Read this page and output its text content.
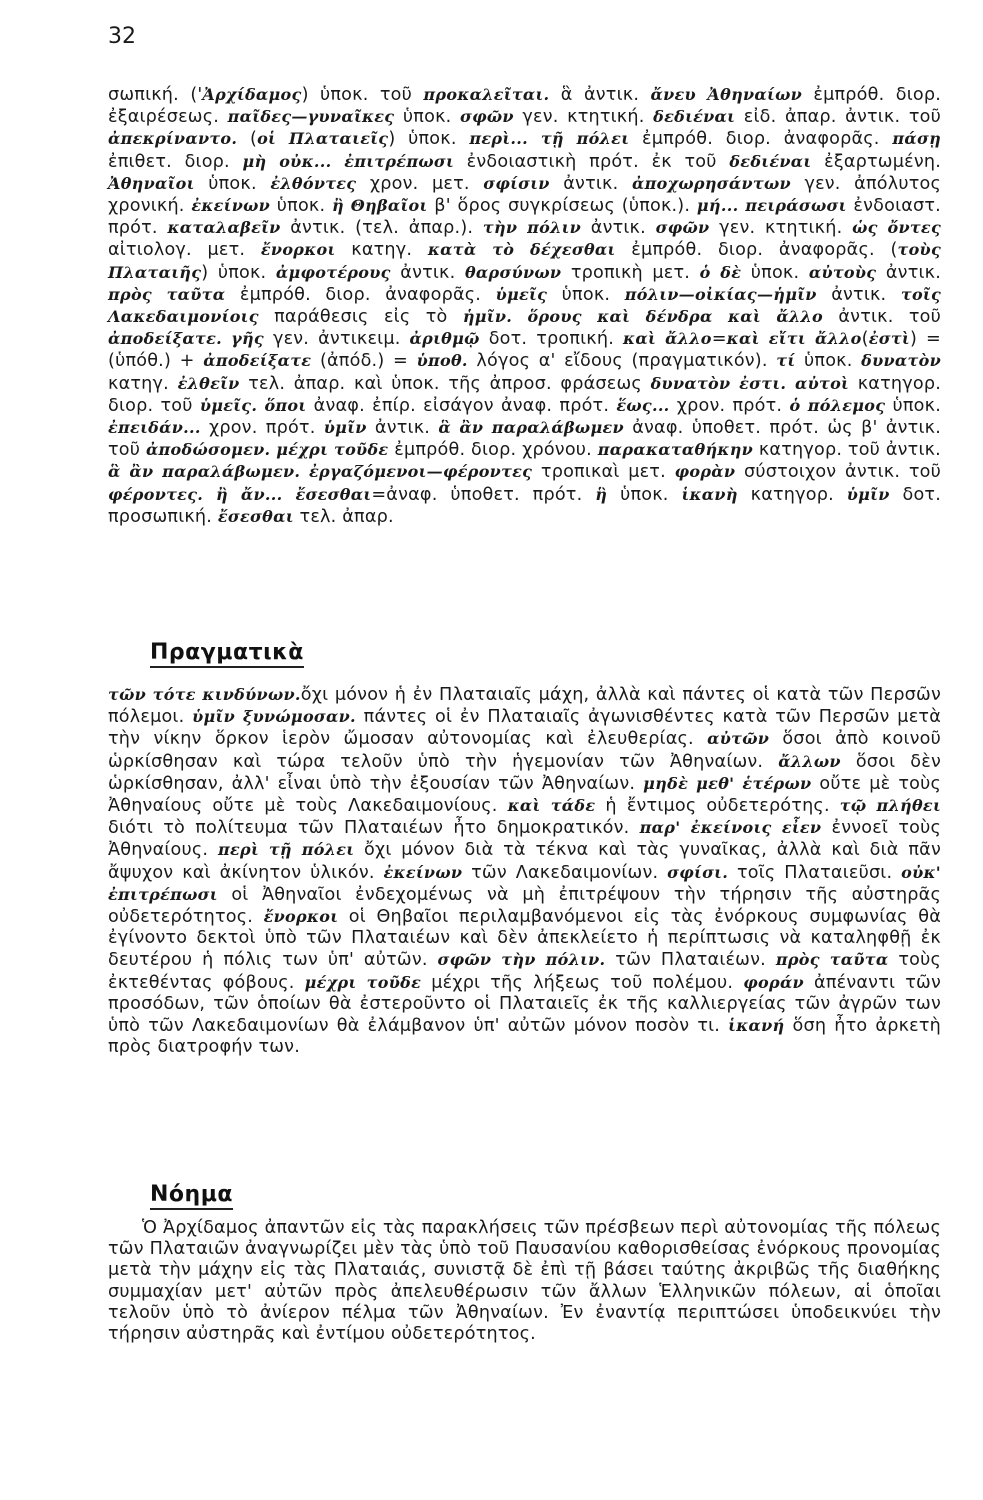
32

σωπική. ('Ἀρχίδαμος) ὑποκ. τοῦ προκαλεῖται. ἃ ἀντικ. ἄνευ Ἀθηναίων ἐμπρόθ. διορ. ἐξαιρέσεως. παῖδες—γυναῖκες ὑποκ. σφῶν γεν. κτητική. δεδιέναι εἰδ. ἀπαρ. ἀντικ. τοῦ ἀπεκρίναντο. (οἱ Πλαταιεῖς) ὑποκ. περὶ... τῇ πόλει ἐμπρόθ. διορ. ἀναφορᾶς. πάσῃ ἐπιθετ. διορ. μὴ οὐκ... ἐπιτρέπωσι ἐνδοιαστικὴ πρότ. ἐκ τοῦ δεδιέναι ἐξαρτωμένη. Ἀθηναῖοι ὑποκ. ἐλθόντες χρον. μετ. σφίσιν ἀντικ. ἀποχωρησάντων γεν. ἀπόλυτος χρονική. ἐκείνων ὑποκ. ἢ Θηβαῖοι β' ὅρος συγκρίσεως (ὑποκ.). μή... πειράσωσι ἐνδοιαστ. πρότ. καταλαβεῖν ἀντικ. (τελ. ἀπαρ.). τὴν πόλιν ἀντικ. σφῶν γεν. κτητική. ὡς ὄντες αἰτιολογ. μετ. ἔνορκοι κατηγ. κατὰ τὸ δέχεσθαι ἐμπρόθ. διορ. ἀναφορᾶς. (τοὺς Πλαταιῆς) ὑποκ. ἀμφοτέρους ἀντικ. θαρσύνων τροπικὴ μετ. ὁ δὲ ὑποκ. αὐτοὺς ἀντικ. πρὸς ταῦτα ἐμπρόθ. διορ. ἀναφορᾶς. ὑμεῖς ὑποκ. πόλιν—οἰκίας—ἡμῖν ἀντικ. τοῖς Λακεδαιμονίοις παράθεσις εἰς τὸ ἡμῖν. ὅρους καὶ δένδρα καὶ ἄλλο ἀντικ. τοῦ ἀποδείξατε. γῆς γεν. ἀντικειμ. ἀριθμῷ δοτ. τροπική. καὶ ἄλλο=καὶ εἴτι ἄλλο(ἐστὶ) = (ὑπόθ.) + ἀποδείξατε (ἀπόδ.) = ὑποθ. λόγος α' εἴδους (πραγματικόν). τί ὑποκ. δυνατὸν κατηγ. ἐλθεῖν τελ. ἀπαρ. καὶ ὑποκ. τῆς ἀπροσ. φράσεως δυνατὸν ἐστι. αὐτοὶ κατηγορ. διορ. τοῦ ὑμεῖς. ὅποι ἀναφ. ἐπίρ. εἰσάγον ἀναφ. πρότ. ἕως... χρον. πρότ. ὁ πόλεμος ὑποκ. ἐπειδάν... χρον. πρότ. ὑμῖν ἀντικ. ἃ ἂν παραλάβωμεν ἀναφ. ὑποθετ. πρότ. ὡς β' ἀντικ. τοῦ ἀποδώσομεν. μέχρι τοῦδε ἐμπρόθ. διορ. χρόνου. παρακαταθήκην κατηγορ. τοῦ ἀντικ. ἃ ἂν παραλάβωμεν. ἐργαζόμενοι—φέροντες τροπικαὶ μετ. φορὰν σύστοιχον ἀντικ. τοῦ φέροντες. ἢ ἄν... ἔσεσθαι=ἀναφ. ὑποθετ. πρότ. ἣ ὑποκ. ἱκανὴ κατηγορ. ὑμῖν δοτ. προσωπική. ἔσεσθαι τελ. ἀπαρ.

Πραγματικὰ

τῶν τότε κινδύνων.ὄχι μόνον ἡ ἐν Πλαταιαῖς μάχη, ἀλλὰ καὶ πάντες οἱ κατὰ τῶν Περσῶν πόλεμοι. ὑμῖν ξυνώμοσαν. πάντες οἱ ἐν Πλαταιαῖς ἀγωνισθέντες κατὰ τῶν Περσῶν μετὰ τὴν νίκην ὅρκον ἱερὸν ὤμοσαν αὐτονομίας καὶ ἐλευθερίας. αὐτῶν ὅσοι ἀπὸ κοινοῦ ὡρκίσθησαν καὶ τώρα τελοῦν ὑπὸ τὴν ἡγεμονίαν τῶν Ἀθηναίων. ἄλλων ὅσοι δὲν ὡρκίσθησαν, ἀλλ' εἶναι ὑπὸ τὴν ἐξουσίαν τῶν Ἀθηναίων. μηδὲ μεθ' ἑτέρων οὔτε μὲ τοὺς Ἀθηναίους οὔτε μὲ τοὺς Λακεδαιμονίους. καὶ τάδε ἡ ἔντιμος οὐδετερότης. τῷ πλήθει διότι τὸ πολίτευμα τῶν Πλαταιέων ἦτο δημοκρατικόν. παρ' ἐκείνοις εἶεν ἐννοεῖ τοὺς Ἀθηναίους. περὶ τῇ πόλει ὄχι μόνον διὰ τὰ τέκνα καὶ τὰς γυναῖκας, ἀλλὰ καὶ διὰ πᾶν ἄψυχον καὶ ἀκίνητον ὑλικόν. ἐκείνων τῶν Λακεδαιμονίων. σφίσι. τοῖς Πλαταιεῦσι. οὐκ' ἐπιτρέπωσι οἱ Ἀθηναῖοι ἐνδεχομένως νὰ μὴ ἐπιτρέψουν τὴν τήρησιν τῆς αὐστηρᾶς οὐδετερότητος. ἔνορκοι οἱ Θηβαῖοι περιλαμβανόμενοι εἰς τὰς ἐνόρκους συμφωνίας θὰ ἐγίνοντο δεκτοὶ ὑπὸ τῶν Πλαταιέων καὶ δὲν ἀπεκλείετο ἡ περίπτωσις νὰ καταληφθῇ ἐκ δευτέρου ἡ πόλις των ὑπ' αὐτῶν. σφῶν τὴν πόλιν. τῶν Πλαταιέων. πρὸς ταῦτα τοὺς ἐκτεθέντας φόβους. μέχρι τοῦδε μέχρι τῆς λήξεως τοῦ πολέμου. φοράν ἀπέναντι τῶν προσόδων, τῶν ὁποίων θὰ ἐστεροῦντο οἱ Πλαταιεῖς ἐκ τῆς καλλιεργείας τῶν ἀγρῶν των ὑπὸ τῶν Λακεδαιμονίων θὰ ἐλάμβανον ὑπ' αὐτῶν μόνον ποσὸν τι. ἱκανή ὅση ἦτο ἀρκετὴ πρὸς διατροφήν των.

Νόημα

Ὁ Ἀρχίδαμος ἀπαντῶν εἰς τὰς παρακλήσεις τῶν πρέσβεων περὶ αὐτονομίας τῆς πόλεως τῶν Πλαταιῶν ἀναγνωρίζει μὲν τὰς ὑπὸ τοῦ Παυσανίου καθορισθείσας ἐνόρκους προνομίας μετὰ τὴν μάχην εἰς τὰς Πλαταιάς, συνιστᾷ δὲ ἐπὶ τῇ βάσει ταύτης ἀκριβῶς τῆς διαθήκης συμμαχίαν μετ' αὐτῶν πρὸς ἀπελευθέρωσιν τῶν ἄλλων Ἑλληνικῶν πόλεων, αἱ ὁποῖαι τελοῦν ὑπὸ τὸ ἀνίερον πέλμα τῶν Ἀθηναίων. Ἐν ἐναντίᾳ περιπτώσει ὑποδεικνύει τὴν τήρησιν αὐστηρᾶς καὶ ἐντίμου οὐδετερότητος.
